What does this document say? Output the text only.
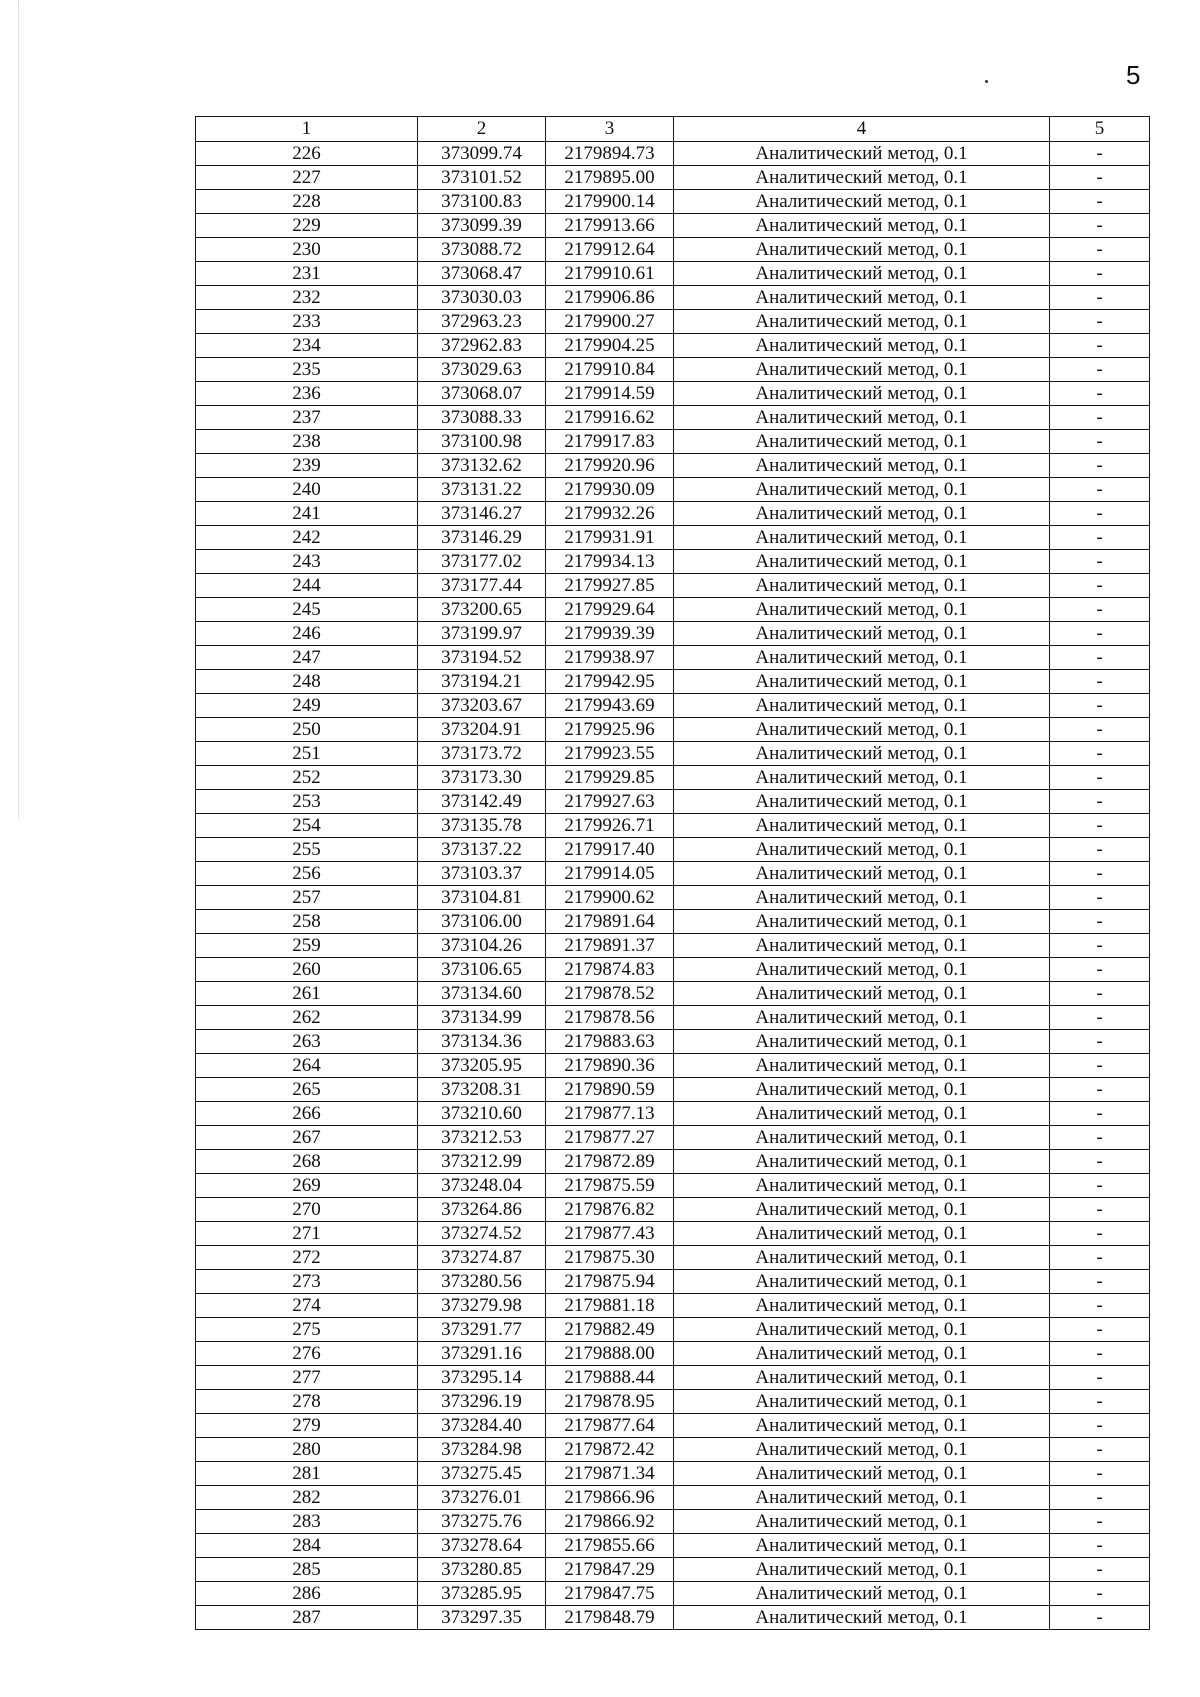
5
1	2	3	4	5
226	373099.74	2179894.73	Аналитический метод, 0.1	-
227	373101.52	2179895.00	Аналитический метод, 0.1	-
228	373100.83	2179900.14	Аналитический метод, 0.1	-
229	373099.39	2179913.66	Аналитический метод, 0.1	-
230	373088.72	2179912.64	Аналитический метод, 0.1	-
231	373068.47	2179910.61	Аналитический метод, 0.1	-
232	373030.03	2179906.86	Аналитический метод, 0.1	-
233	372963.23	2179900.27	Аналитический метод, 0.1	-
234	372962.83	2179904.25	Аналитический метод, 0.1	-
235	373029.63	2179910.84	Аналитический метод, 0.1	-
236	373068.07	2179914.59	Аналитический метод, 0.1	-
237	373088.33	2179916.62	Аналитический метод, 0.1	-
238	373100.98	2179917.83	Аналитический метод, 0.1	-
239	373132.62	2179920.96	Аналитический метод, 0.1	-
240	373131.22	2179930.09	Аналитический метод, 0.1	-
241	373146.27	2179932.26	Аналитический метод, 0.1	-
242	373146.29	2179931.91	Аналитический метод, 0.1	-
243	373177.02	2179934.13	Аналитический метод, 0.1	-
244	373177.44	2179927.85	Аналитический метод, 0.1	-
245	373200.65	2179929.64	Аналитический метод, 0.1	-
246	373199.97	2179939.39	Аналитический метод, 0.1	-
247	373194.52	2179938.97	Аналитический метод, 0.1	-
248	373194.21	2179942.95	Аналитический метод, 0.1	-
249	373203.67	2179943.69	Аналитический метод, 0.1	-
250	373204.91	2179925.96	Аналитический метод, 0.1	-
251	373173.72	2179923.55	Аналитический метод, 0.1	-
252	373173.30	2179929.85	Аналитический метод, 0.1	-
253	373142.49	2179927.63	Аналитический метод, 0.1	-
254	373135.78	2179926.71	Аналитический метод, 0.1	-
255	373137.22	2179917.40	Аналитический метод, 0.1	-
256	373103.37	2179914.05	Аналитический метод, 0.1	-
257	373104.81	2179900.62	Аналитический метод, 0.1	-
258	373106.00	2179891.64	Аналитический метод, 0.1	-
259	373104.26	2179891.37	Аналитический метод, 0.1	-
260	373106.65	2179874.83	Аналитический метод, 0.1	-
261	373134.60	2179878.52	Аналитический метод, 0.1	-
262	373134.99	2179878.56	Аналитический метод, 0.1	-
263	373134.36	2179883.63	Аналитический метод, 0.1	-
264	373205.95	2179890.36	Аналитический метод, 0.1	-
265	373208.31	2179890.59	Аналитический метод, 0.1	-
266	373210.60	2179877.13	Аналитический метод, 0.1	-
267	373212.53	2179877.27	Аналитический метод, 0.1	-
268	373212.99	2179872.89	Аналитический метод, 0.1	-
269	373248.04	2179875.59	Аналитический метод, 0.1	-
270	373264.86	2179876.82	Аналитический метод, 0.1	-
271	373274.52	2179877.43	Аналитический метод, 0.1	-
272	373274.87	2179875.30	Аналитический метод, 0.1	-
273	373280.56	2179875.94	Аналитический метод, 0.1	-
274	373279.98	2179881.18	Аналитический метод, 0.1	-
275	373291.77	2179882.49	Аналитический метод, 0.1	-
276	373291.16	2179888.00	Аналитический метод, 0.1	-
277	373295.14	2179888.44	Аналитический метод, 0.1	-
278	373296.19	2179878.95	Аналитический метод, 0.1	-
279	373284.40	2179877.64	Аналитический метод, 0.1	-
280	373284.98	2179872.42	Аналитический метод, 0.1	-
281	373275.45	2179871.34	Аналитический метод, 0.1	-
282	373276.01	2179866.96	Аналитический метод, 0.1	-
283	373275.76	2179866.92	Аналитический метод, 0.1	-
284	373278.64	2179855.66	Аналитический метод, 0.1	-
285	373280.85	2179847.29	Аналитический метод, 0.1	-
286	373285.95	2179847.75	Аналитический метод, 0.1	-
287	373297.35	2179848.79	Аналитический метод, 0.1	-
